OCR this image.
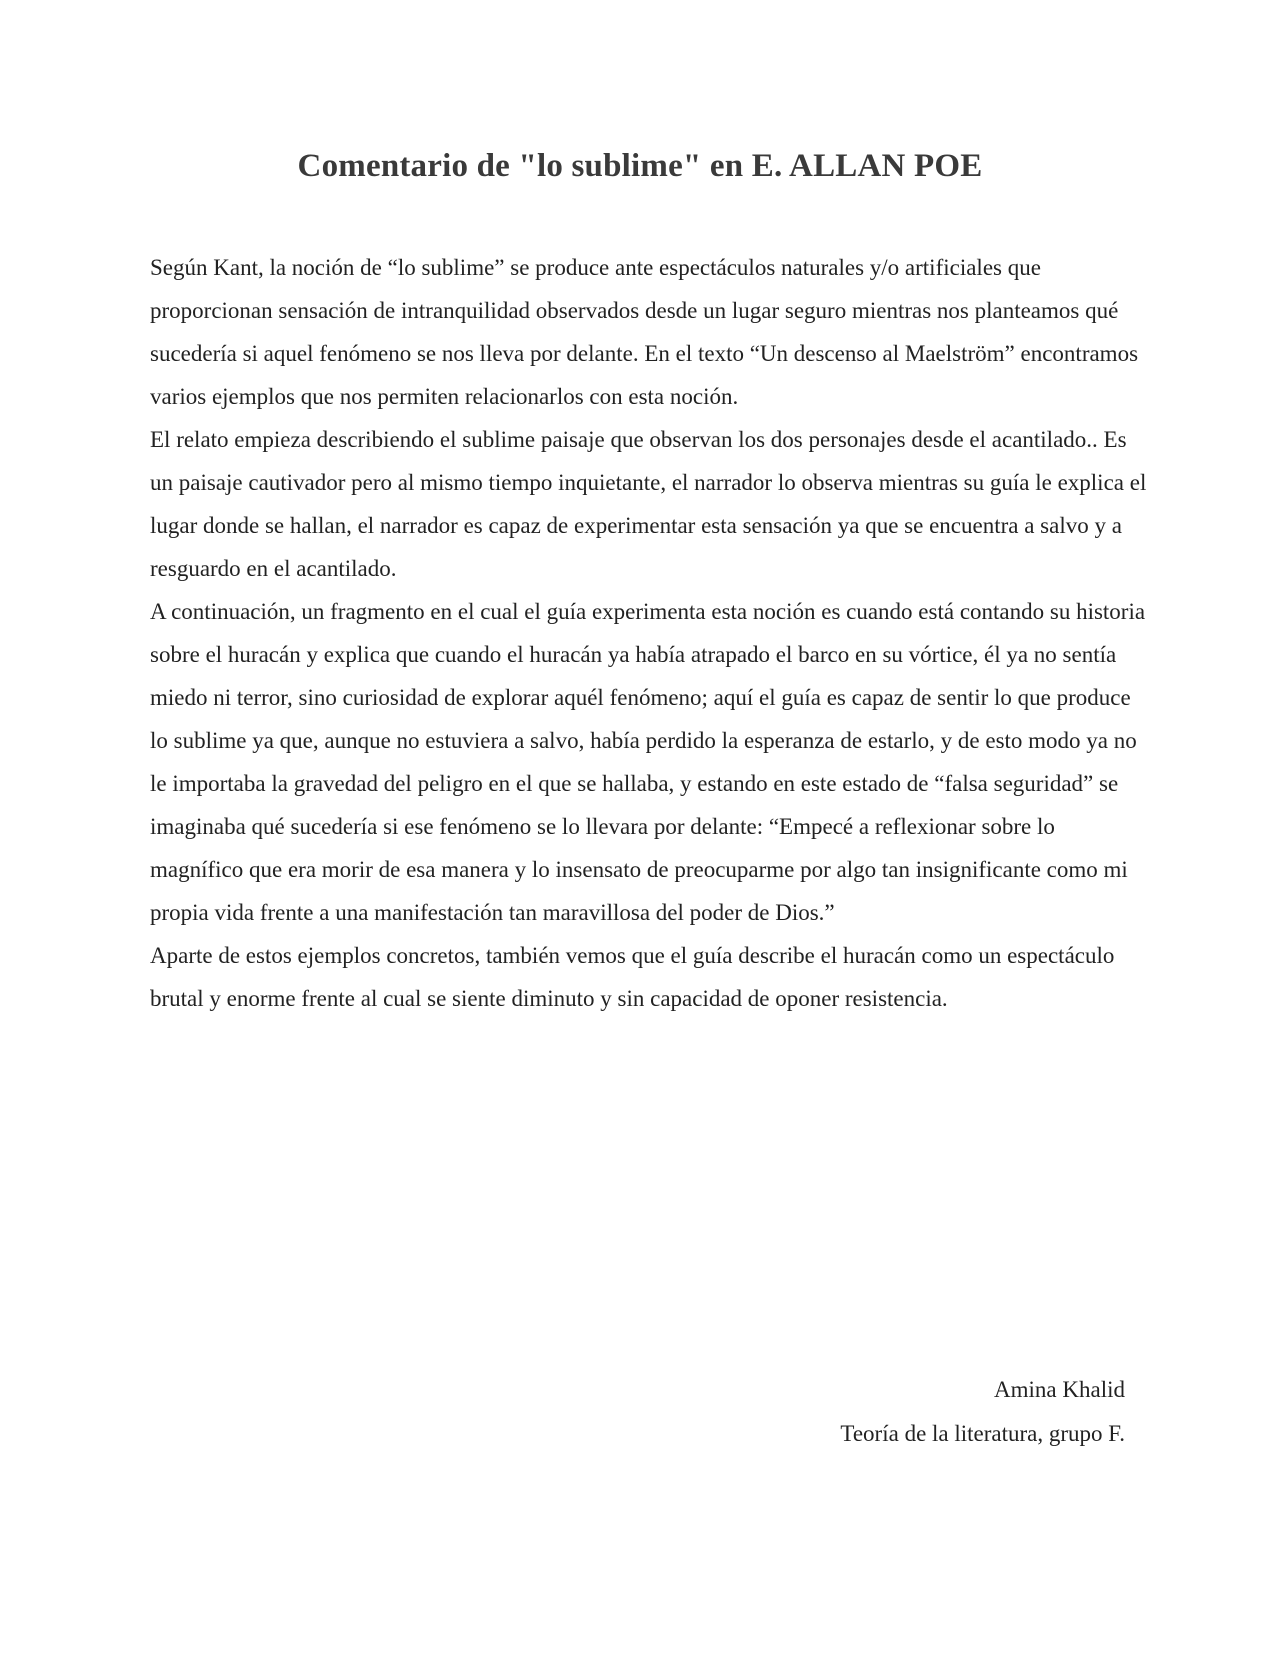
Comentario de "lo sublime" en E. ALLAN POE

Según Kant, la noción de “lo sublime” se produce ante espectáculos naturales y/o artificiales que proporcionan sensación de intranquilidad observados desde un lugar seguro mientras nos planteamos qué sucedería si aquel fenómeno se nos lleva por delante. En el texto “Un descenso al Maelström” encontramos varios ejemplos que nos permiten relacionarlos con esta noción.

El relato empieza describiendo el sublime paisaje que observan los dos personajes desde el acantilado.. Es un paisaje cautivador pero al mismo tiempo inquietante, el narrador lo observa mientras su guía le explica el lugar donde se hallan, el narrador es capaz de experimentar esta sensación ya que se encuentra a salvo y a resguardo en el acantilado.

A continuación, un fragmento en el cual el guía experimenta esta noción es cuando está contando su historia sobre el huracán y explica que cuando el huracán ya había atrapado el barco en su vórtice, él ya no sentía miedo ni terror, sino curiosidad de explorar aquél fenómeno; aquí el guía es capaz de sentir lo que produce lo sublime ya que, aunque no estuviera a salvo, había perdido la esperanza de estarlo, y de esto modo ya no le importaba la gravedad del peligro en el que se hallaba, y estando en este estado de “falsa seguridad” se imaginaba qué sucedería si ese fenómeno se lo llevara por delante: “Empecé a reflexionar sobre lo magnífico que era morir de esa manera y lo insensato de preocuparme por algo tan insignificante como mi propia vida frente a una manifestación tan maravillosa del poder de Dios.”

Aparte de estos ejemplos concretos, también vemos que el guía describe el huracán como un espectáculo brutal y enorme frente al cual se siente diminuto y sin capacidad de oponer resistencia.

Amina Khalid
Teoría de la literatura, grupo F.
